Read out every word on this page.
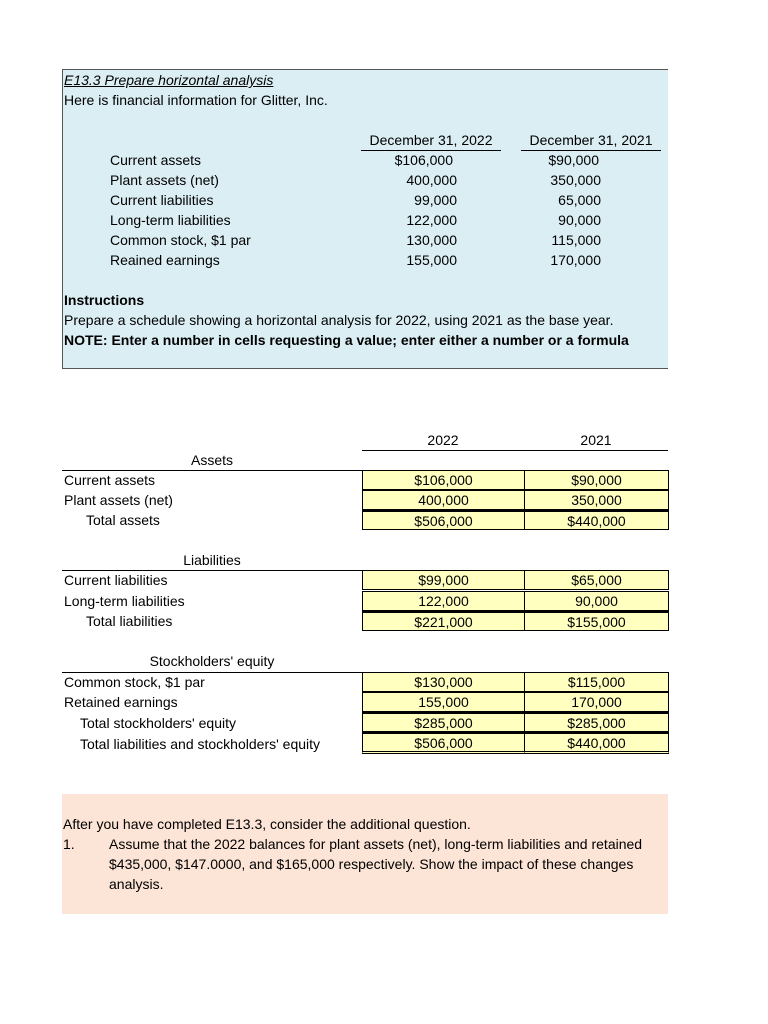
E13.3 Prepare horizontal analysis
Here is financial information for Glitter, Inc.
December 31, 2022	December 31, 2021
Current assets	$106,000	$90,000
Plant assets (net)	400,000	350,000
Current liabilities	99,000	65,000
Long-term liabilities	122,000	90,000
Common stock, $1 par	130,000	115,000
Reained earnings	155,000	170,000
Instructions
Prepare a schedule showing a horizontal analysis for 2022, using 2021 as the base year.
NOTE: Enter a number in cells requesting a value; enter either a number or a formula
2022	2021
Assets
Current assets	$106,000	$90,000
Plant assets (net)	400,000	350,000
Total assets	$506,000	$440,000
Liabilities
Current liabilities	$99,000	$65,000
Long-term liabilities	122,000	90,000
Total liabilities	$221,000	$155,000
Stockholders' equity
Common stock, $1 par	$130,000	$115,000
Retained earnings	155,000	170,000
Total stockholders' equity	$285,000	$285,000
Total liabilities and stockholders' equity	$506,000	$440,000
After you have completed E13.3, consider the additional question.
1. Assume that the 2022 balances for plant assets (net), long-term liabilities and retained
$435,000, $147.0000, and $165,000 respectively. Show the impact of these changes
analysis.
